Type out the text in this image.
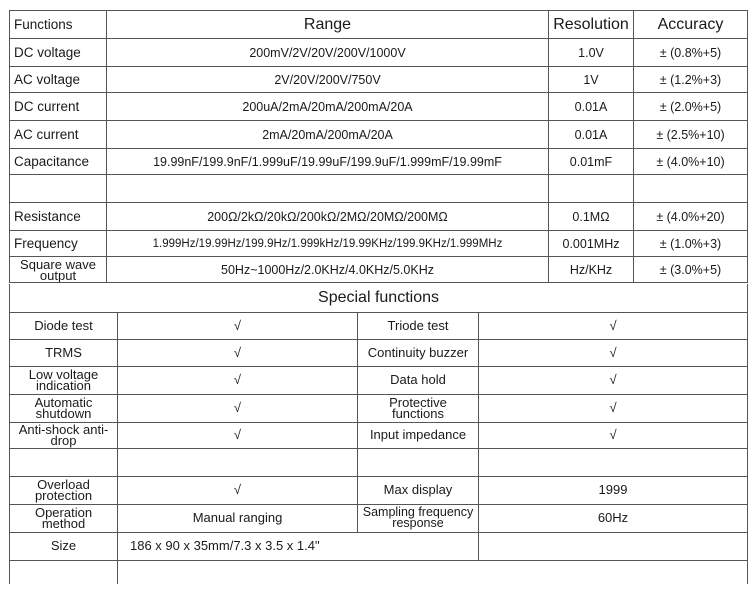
Functions	Range	Resolution	Accuracy
DC voltage	200mV/2V/20V/200V/1000V	1.0V	± (0.8%+5)
AC voltage	2V/20V/200V/750V	1V	± (1.2%+3)
DC current	200uA/2mA/20mA/200mA/20A	0.01A	± (2.0%+5)
AC current	2mA/20mA/200mA/20A	0.01A	± (2.5%+10)
Capacitance	19.99nF/199.9nF/1.999uF/19.99uF/199.9uF/1.999mF/19.99mF	0.01mF	± (4.0%+10)

Resistance	200Ω/2kΩ/20kΩ/200kΩ/2MΩ/20MΩ/200MΩ	0.1MΩ	± (4.0%+20)
Frequency	1.999Hz/19.99Hz/199.9Hz/1.999kHz/19.99KHz/199.9KHz/1.999MHz	0.001MHz	± (1.0%+3)
Square wave output	50Hz~1000Hz/2.0KHz/4.0KHz/5.0KHz	Hz/KHz	± (3.0%+5)
Special functions			
Diode test	√	Triode test	√
TRMS	√	Continuity buzzer	√
Low voltage indication	√	Data hold	√
Automatic shutdown	√	Protective functions	√
Anti-shock anti-drop	√	Input impedance	√

Overload protection	√	Max display	1999
Operation method	Manual ranging	Sampling frequency response	60Hz
Size	186 x 90 x 35mm/7.3 x 3.5 x 1.4"		
